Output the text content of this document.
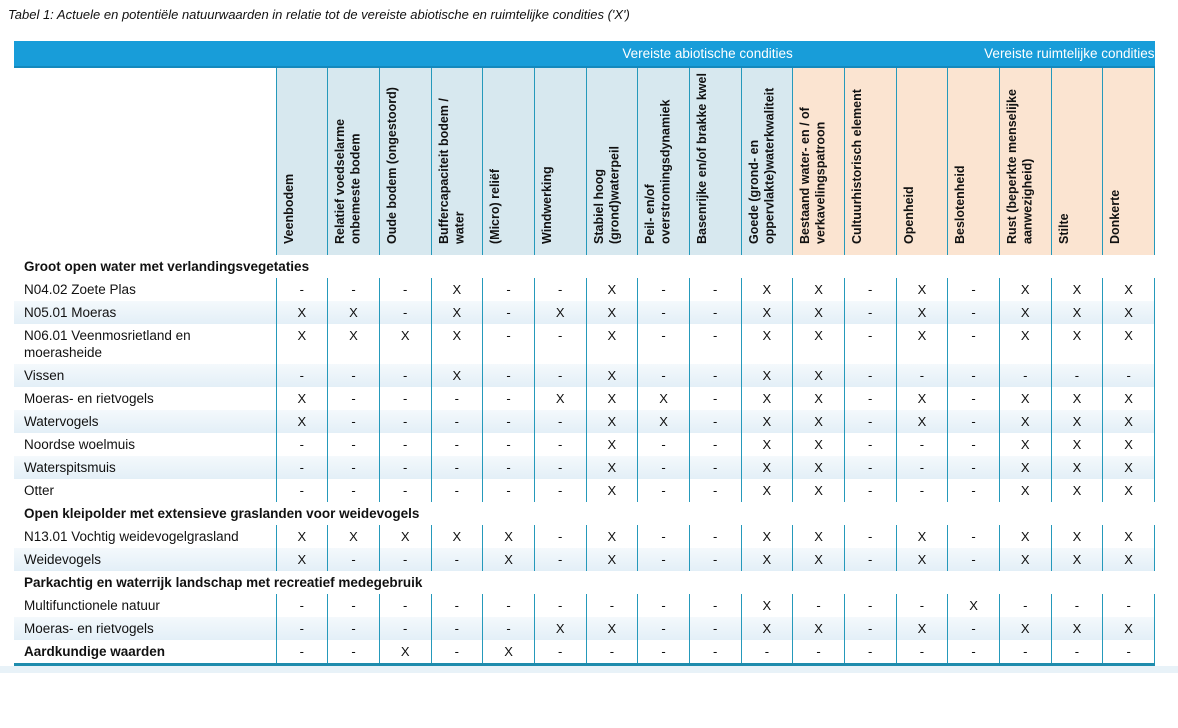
Tabel 1: Actuele en potentiële natuurwaarden in relatie tot de vereiste abiotische en ruimtelijke condities ('X')
	Vereiste abiotische condities										Vereiste ruimtelijke condities						
	Veenbodem	Relatief voedselarme onbemeste bodem	Oude bodem (ongestoord)	Buffercapaciteit bodem / water	(Micro) reliëf	Windwerking	Stabiel hoog (grond)waterpeil	Peil- en/of overstromingsdynamiek	Basenrijke en/of brakke kwel	Goede (grond- en oppervlakte)waterkwaliteit	Bestaand water- en / of verkavelingspatroon	Cultuurhistorisch element	Openheid	Beslotenheid	Rust (beperkte menselijke aanwezigheid)	Stilte	Donkerte
Groot open water met verlandingsvegetaties																	
N04.02 Zoete Plas	-	-	-	X	-	-	X	-	-	X	X	-	X	-	X	X	X
N05.01 Moeras	X	X	-	X	-	X	X	-	-	X	X	-	X	-	X	X	X
N06.01 Veenmosrietland en moerasheide	X	X	X	X	-	-	X	-	-	X	X	-	X	-	X	X	X
Vissen	-	-	-	X	-	-	X	-	-	X	X	-	-	-	-	-	-
Moeras- en rietvogels	X	-	-	-	-	X	X	X	-	X	X	-	X	-	X	X	X
Watervogels	X	-	-	-	-	-	X	X	-	X	X	-	X	-	X	X	X
Noordse woelmuis	-	-	-	-	-	-	X	-	-	X	X	-	-	-	X	X	X
Waterspitsmuis	-	-	-	-	-	-	X	-	-	X	X	-	-	-	X	X	X
Otter	-	-	-	-	-	-	X	-	-	X	X	-	-	-	X	X	X
Open kleipolder met extensieve graslanden voor weidevogels																	
N13.01 Vochtig weidevogelgrasland	X	X	X	X	X	-	X	-	-	X	X	-	X	-	X	X	X
Weidevogels	X	-	-	-	X	-	X	-	-	X	X	-	X	-	X	X	X
Parkachtig en waterrijk landschap met recreatief medegebruik																	
Multifunctionele natuur	-	-	-	-	-	-	-	-	-	X	-	-	-	X	-	-	-
Moeras- en rietvogels	-	-	-	-	-	X	X	-	-	X	X	-	X	-	X	X	X
Aardkundige waarden	-	-	X	-	X	-	-	-	-	-	-	-	-	-	-	-	-
